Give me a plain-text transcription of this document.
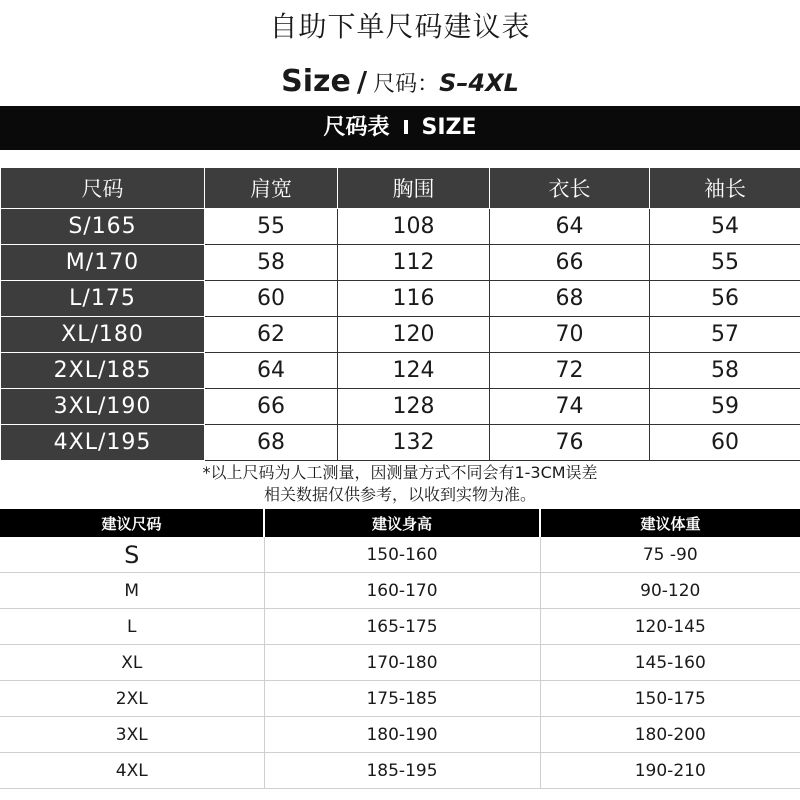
自助下单尺码建议表
Size / 尺码：S–4XL
尺码表 SIZE
尺码	肩宽	胸围	衣长	袖长
S/165	55	108	64	54
M/170	58	112	66	55
L/175	60	116	68	56
XL/180	62	120	70	57
2XL/185	64	124	72	58
3XL/190	66	128	74	59
4XL/195	68	132	76	60
*以上尺码为人工测量，因测量方式不同会有1-3CM误差
相关数据仅供参考，以收到实物为准。
建议尺码	建议身高	建议体重
S	150-160	75 -90
M	160-170	90-120
L	165-175	120-145
XL	170-180	145-160
2XL	175-185	150-175
3XL	180-190	180-200
4XL	185-195	190-210
